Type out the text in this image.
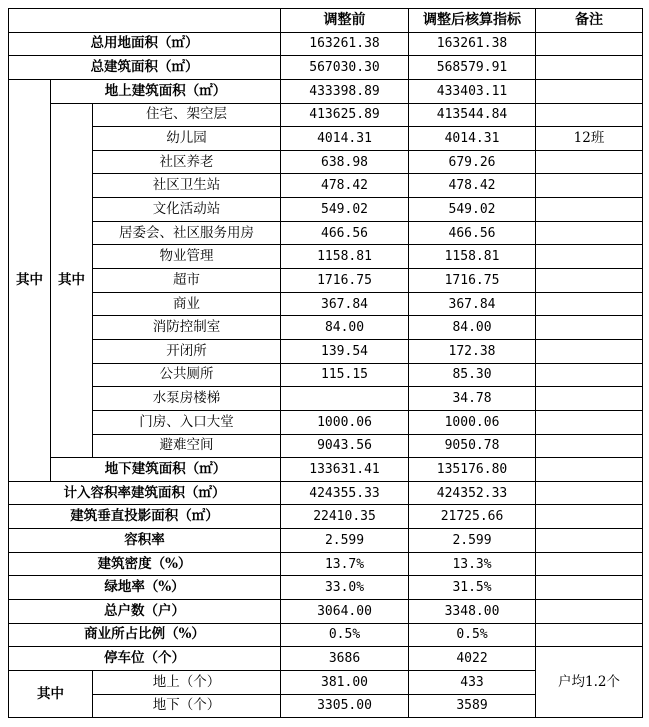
			调整前	调整后核算指标	备注
总用地面积（㎡）			163261.38	163261.38	
总建筑面积（㎡）			567030.30	568579.91	
其中	地上建筑面积（㎡）		433398.89	433403.11	
	其中	住宅、架空层	413625.89	413544.84	
		幼儿园	4014.31	4014.31	12班
		社区养老	638.98	679.26	
		社区卫生站	478.42	478.42	
		文化活动站	549.02	549.02	
		居委会、社区服务用房	466.56	466.56	
		物业管理	1158.81	1158.81	
		超市	1716.75	1716.75	
		商业	367.84	367.84	
		消防控制室	84.00	84.00	
		开闭所	139.54	172.38	
		公共厕所	115.15	85.30	
		水泵房楼梯		34.78	
		门房、入口大堂	1000.06	1000.06	
		避难空间	9043.56	9050.78	
	地下建筑面积（㎡）		133631.41	135176.80	
计入容积率建筑面积（㎡）			424355.33	424352.33	
建筑垂直投影面积（㎡）			22410.35	21725.66	
容积率			2.599	2.599	
建筑密度（%）			13.7%	13.3%	
绿地率（%）			33.0%	31.5%	
总户数（户）			3064.00	3348.00	
商业所占比例（%）			0.5%	0.5%	
停车位（个）			3686	4022	户均1.2个
其中		地上（个）	381.00	433	
		地下（个）	3305.00	3589	
